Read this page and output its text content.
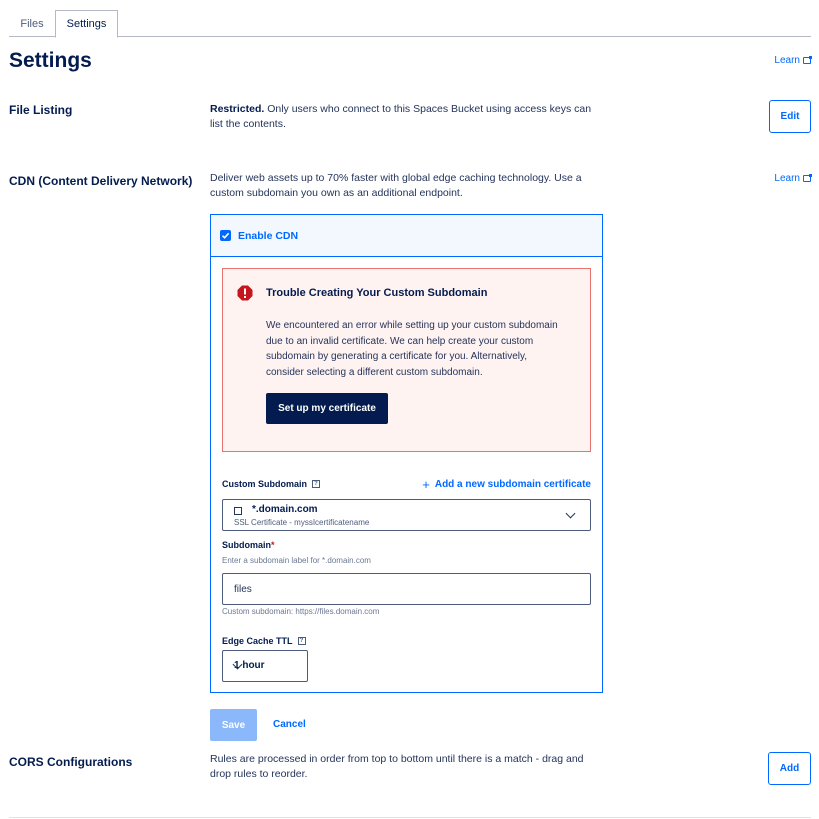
Files	Settings
Settings	Learn
File Listing	Restricted. Only users who connect to this Spaces Bucket using access keys can list the contents.
Edit
CDN (Content Delivery Network) Deliver web assets up to 70% faster with global edge caching technology. Use a custom subdomain you own as an additional endpoint.
Learn
Enable CDN
Trouble Creating Your Custom Subdomain
We encountered an error while setting up your custom subdomain due to an invalid certificate. We can help create your custom subdomain by generating a certificate for you. Alternatively, consider selecting a different custom subdomain.
Set up my certificate
Custom Subdomain	?	+ Add a new subdomain certificate
*.domain.com
SSL Certificate - myssIcertificatename
Subdomain*
Enter a subdomain label for *.domain.com
files
Custom subdomain: https://files.domain.com
Edge Cache TTL	?
1 hour
Save	Cancel
CORS Configurations	Rules are processed in order from top to bottom until there is a match - drag and drop rules to reorder.	Add
